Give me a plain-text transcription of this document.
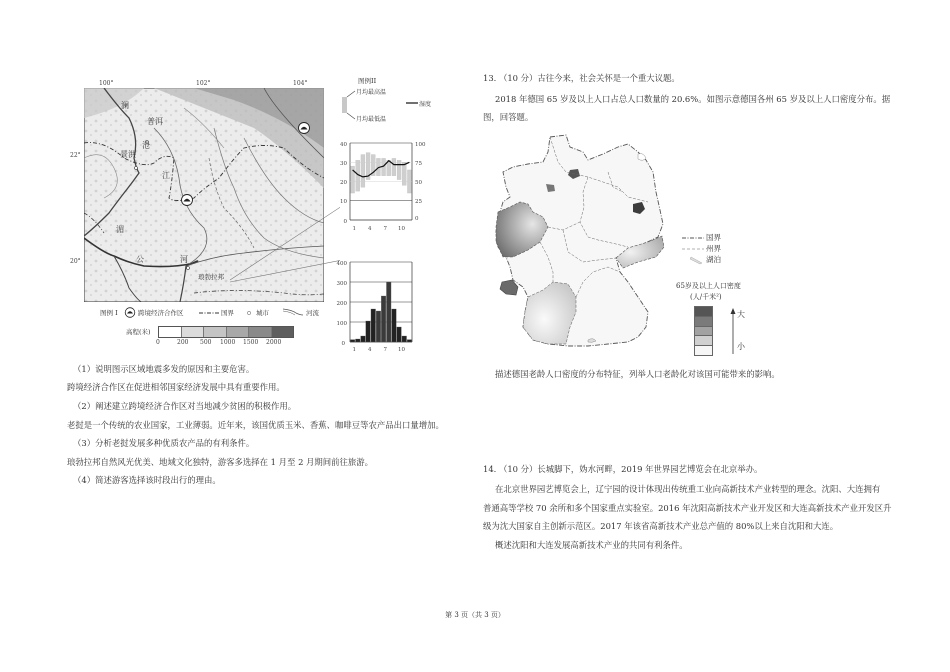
澜
普洱
沧
景洪
江
湄
公	河
琅勃拉邦
100°	102°	104°
22°
20°
图例 I	跨境经济合作区	国界	城市	河流
高程(米)
0	200 500 1000 1500 2000
图例II
月均最高温
月均最低温
湿度
40
30
20
10
0
100
75
50
25
0
1 4 7 10
400
300
200
100
0
1 4 7 10
（1）说明图示区域地震多发的原因和主要危害。
跨境经济合作区在促进相邻国家经济发展中具有重要作用。
（2）阐述建立跨境经济合作区对当地减少贫困的积极作用。
老挝是一个传统的农业国家，工业薄弱。近年来，该国优质玉米、香蕉、咖啡豆等农产品出口量增加。
（3）分析老挝发展多种优质农产品的有利条件。
琅勃拉邦自然风光优美、地域文化独特，游客多选择在 1 月至 2 月期间前往旅游。
（4）简述游客选择该时段出行的理由。
13. （10 分）古往今来，社会关怀是一个重大议题。
2018 年德国 65 岁及以上人口占总人口数量的 20.6%。如图示意德国各州 65 岁及以上人口密度分布。据
图，回答题。
国界
州界
湖泊
65岁及以上人口密度
(人/千米²)
大
小
描述德国老龄人口密度的分布特征，列举人口老龄化对该国可能带来的影响。
14. （10 分）长城脚下，妫水河畔，2019 年世界园艺博览会在北京举办。
在北京世界园艺博览会上，辽宁园的设计体现出传统重工业向高新技术产业转型的理念。沈阳、大连拥有
普通高等学校 70 余所和多个国家重点实验室。2016 年沈阳高新技术产业开发区和大连高新技术产业开发区升
级为沈大国家自主创新示范区。2017 年该省高新技术产业总产值的 80%以上来自沈阳和大连。
概述沈阳和大连发展高新技术产业的共同有利条件。
第 3 页（共 3 页）
